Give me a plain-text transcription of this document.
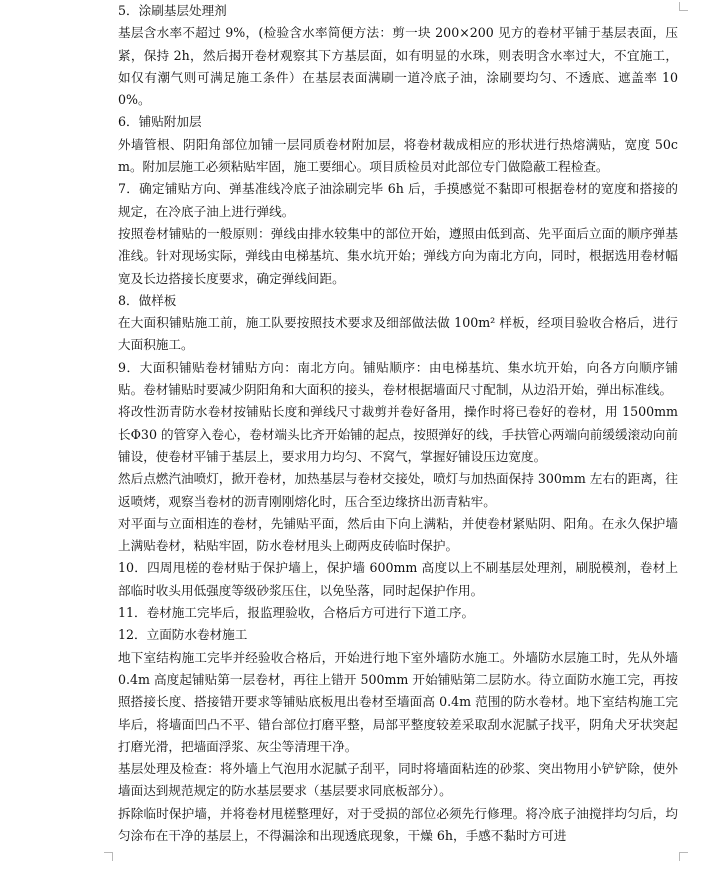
5．涂刷基层处理剂

基层含水率不超过 9%，(检验含水率简便方法：剪一块 200×200 见方的卷材平铺于基层表面，压紧，保持 2h，然后揭开卷材观察其下方基层面，如有明显的水珠，则表明含水率过大，不宜施工，如仅有潮气则可满足施工条件）在基层表面满刷一道冷底子油，涂刷要均匀、不透底、遮盖率 100%。

6．铺贴附加层

外墙管根、阴阳角部位加铺一层同质卷材附加层，将卷材裁成相应的形状进行热熔满贴，宽度 50cm。附加层施工必须粘贴牢固，施工要细心。项目质检员对此部位专门做隐蔽工程检查。

7．确定铺贴方向、弹基准线冷底子油涂刷完毕 6h 后，手摸感觉不黏即可根据卷材的宽度和搭接的规定，在冷底子油上进行弹线。

按照卷材铺贴的一般原则：弹线由排水较集中的部位开始，遵照由低到高、先平面后立面的顺序弹基准线。针对现场实际，弹线由电梯基坑、集水坑开始；弹线方向为南北方向，同时，根据选用卷材幅宽及长边搭接长度要求，确定弹线间距。

8．做样板

在大面积铺贴施工前，施工队要按照技术要求及细部做法做 100m² 样板，经项目验收合格后，进行大面积施工。

9．大面积铺贴卷材铺贴方向：南北方向。铺贴顺序：由电梯基坑、集水坑开始，向各方向顺序铺贴。卷材铺贴时要减少阴阳角和大面积的接头，卷材根据墙面尺寸配制，从边沿开始，弹出标准线。

将改性沥青防水卷材按铺贴长度和弹线尺寸裁剪并卷好备用，操作时将已卷好的卷材，用 1500mm 长Φ30 的管穿入卷心，卷材端头比齐开始铺的起点，按照弹好的线，手扶管心两端向前缓缓滚动向前铺设，使卷材平铺于基层上，要求用力均匀、不窝气，掌握好铺设压边宽度。

然后点燃汽油喷灯，掀开卷材，加热基层与卷材交接处，喷灯与加热面保持 300mm 左右的距离，往返喷烤，观察当卷材的沥青刚刚熔化时，压合至边缘挤出沥青粘牢。

对平面与立面相连的卷材，先铺贴平面，然后由下向上满粘，并使卷材紧贴阴、阳角。在永久保护墙上满贴卷材，粘贴牢固，防水卷材甩头上砌两皮砖临时保护。

10．四周甩槎的卷材贴于保护墙上，保护墙 600mm 高度以上不刷基层处理剂，刷脱模剂，卷材上部临时收头用低强度等级砂浆压住，以免坠落，同时起保护作用。

11．卷材施工完毕后，报监理验收，合格后方可进行下道工序。

12．立面防水卷材施工

地下室结构施工完毕并经验收合格后，开始进行地下室外墙防水施工。外墙防水层施工时，先从外墙 0.4m 高度起铺贴第一层卷材，再往上错开 500mm 开始铺贴第二层防水。待立面防水施工完，再按照搭接长度、搭接错开要求等铺贴底板甩出卷材至墙面高 0.4m 范围的防水卷材。地下室结构施工完毕后，将墙面凹凸不平、错台部位打磨平整，局部平整度较差采取刮水泥腻子找平，阴角犬牙状突起打磨光滑，把墙面浮浆、灰尘等清理干净。

基层处理及检查：将外墙上气泡用水泥腻子刮平，同时将墙面粘连的砂浆、突出物用小铲铲除，使外墙面达到规范规定的防水基层要求（基层要求同底板部分）。

拆除临时保护墙，并将卷材甩槎整理好，对于受损的部位必须先行修理。将冷底子油搅拌均匀后，均匀涂布在干净的基层上，不得漏涂和出现透底现象，干燥 6h，手感不黏时方可进
